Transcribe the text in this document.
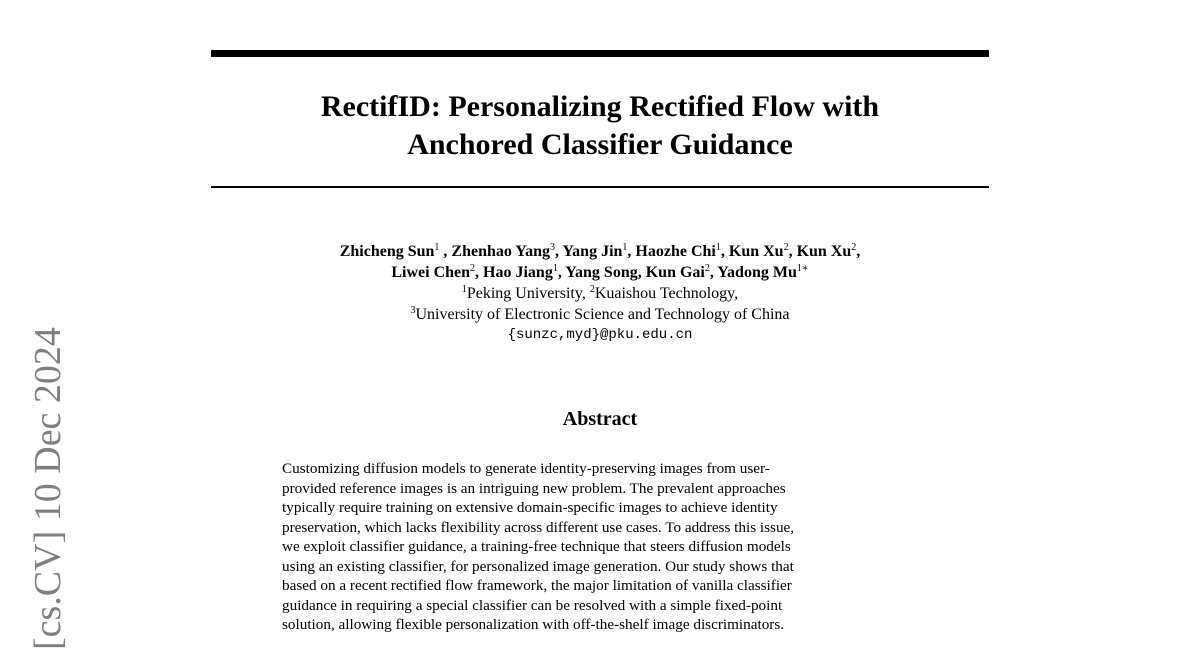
[cs.CV] 10 Dec 2024
RectifID: Personalizing Rectified Flow with
Anchored Classifier Guidance
Zhicheng Sun$^1$ , Zhenhao Yang$^3$, Yang Jin$^1$, Haozhe Chi$^1$, Kun Xu$^2$, Kun Xu$^2$,
Liwei Chen$^2$, Hao Jiang$^1$, Yang Song, Kun Gai$^2$, Yadong $Mu^{1∗}$
$^1$Peking University, $^2$Kuaishou Technology,
$^3$University of Electronic Science and Technology of China
{sunzc,myd}@pku.edu.cn
Abstract
Customizing diffusion models to generate identity-preserving images from user-
provided reference images is an intriguing new problem. The prevalent approaches
typically require training on extensive domain-specific images to achieve identity
preservation, which lacks flexibility across different use cases. To address this issue,
we exploit classifier guidance, a training-free technique that steers diffusion models
using an existing classifier, for personalized image generation. Our study shows that
based on a recent rectified flow framework, the major limitation of vanilla classifier
guidance in requiring a special classifier can be resolved with a simple fixed-point
solution, allowing flexible personalization with off-the-shelf image discriminators.
